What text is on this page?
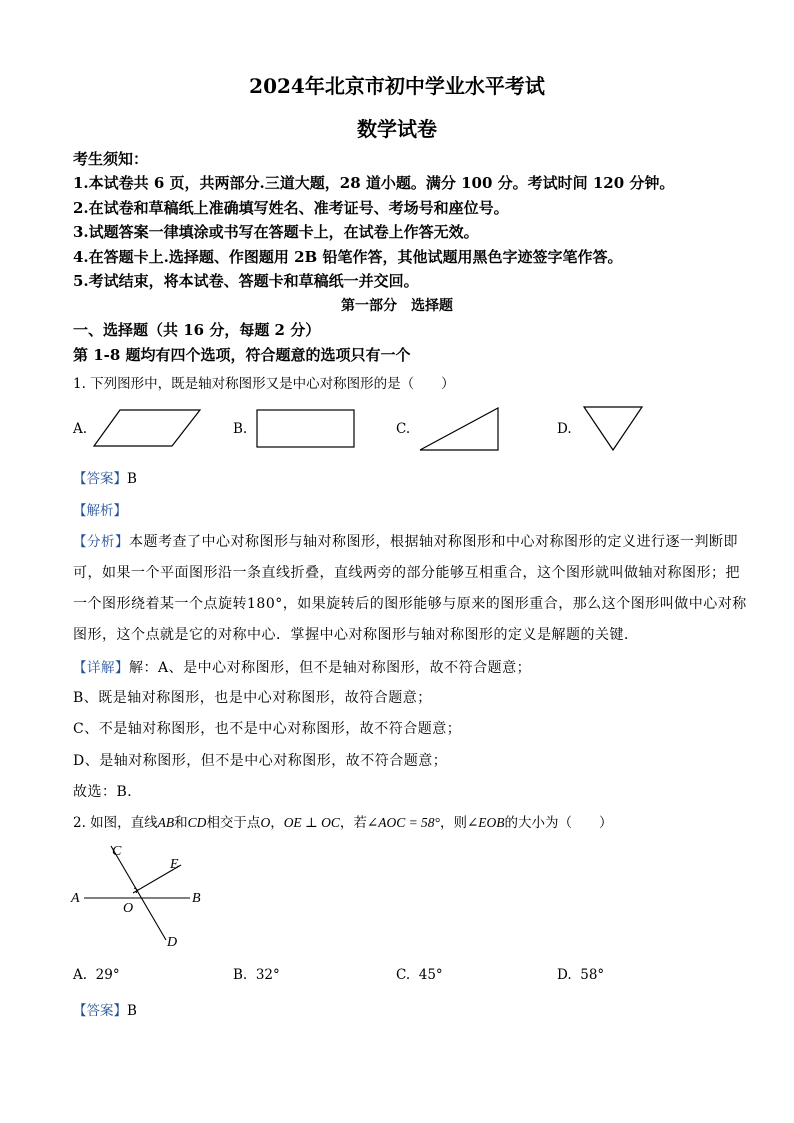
2024年北京市初中学业水平考试
数学试卷
考生须知：
1.本试卷共 6 页，共两部分.三道大题，28 道小题。满分 100 分。考试时间 120 分钟。
2.在试卷和草稿纸上准确填写姓名、准考证号、考场号和座位号。
3.试题答案一律填涂或书写在答题卡上，在试卷上作答无效。
4.在答题卡上.选择题、作图题用 2B 铅笔作答，其他试题用黑色字迹签字笔作答。
5.考试结束，将本试卷、答题卡和草稿纸一并交回。
第一部分　选择题
一、选择题（共 16 分，每题 2 分）
第 1-8 题均有四个选项，符合题意的选项只有一个
1. 下列图形中，既是轴对称图形又是中心对称图形的是（　　）
A.	B.	C.	D.
【答案】B
【解析】
【分析】本题考查了中心对称图形与轴对称图形，根据轴对称图形和中心对称图形的定义进行逐一判断即
可，如果一个平面图形沿一条直线折叠，直线两旁的部分能够互相重合，这个图形就叫做轴对称图形；把
一个图形绕着某一个点旋转180°，如果旋转后的图形能够与原来的图形重合，那么这个图形叫做中心对称
图形，这个点就是它的对称中心．掌握中心对称图形与轴对称图形的定义是解题的关键．
【详解】解：A、是中心对称图形，但不是轴对称图形，故不符合题意；
B、既是轴对称图形，也是中心对称图形，故符合题意；
C、不是轴对称图形，也不是中心对称图形，故不符合题意；
D、是轴对称图形，但不是中心对称图形，故不符合题意；
故选：B．
2. 如图，直线AB和CD相交于点O，OE ⊥ OC，若∠AOC = 58°，则∠EOB的大小为（　　）
C
E
A
O
B
D
A. 29°	B. 32°	C. 45°	D. 58°
【答案】B
